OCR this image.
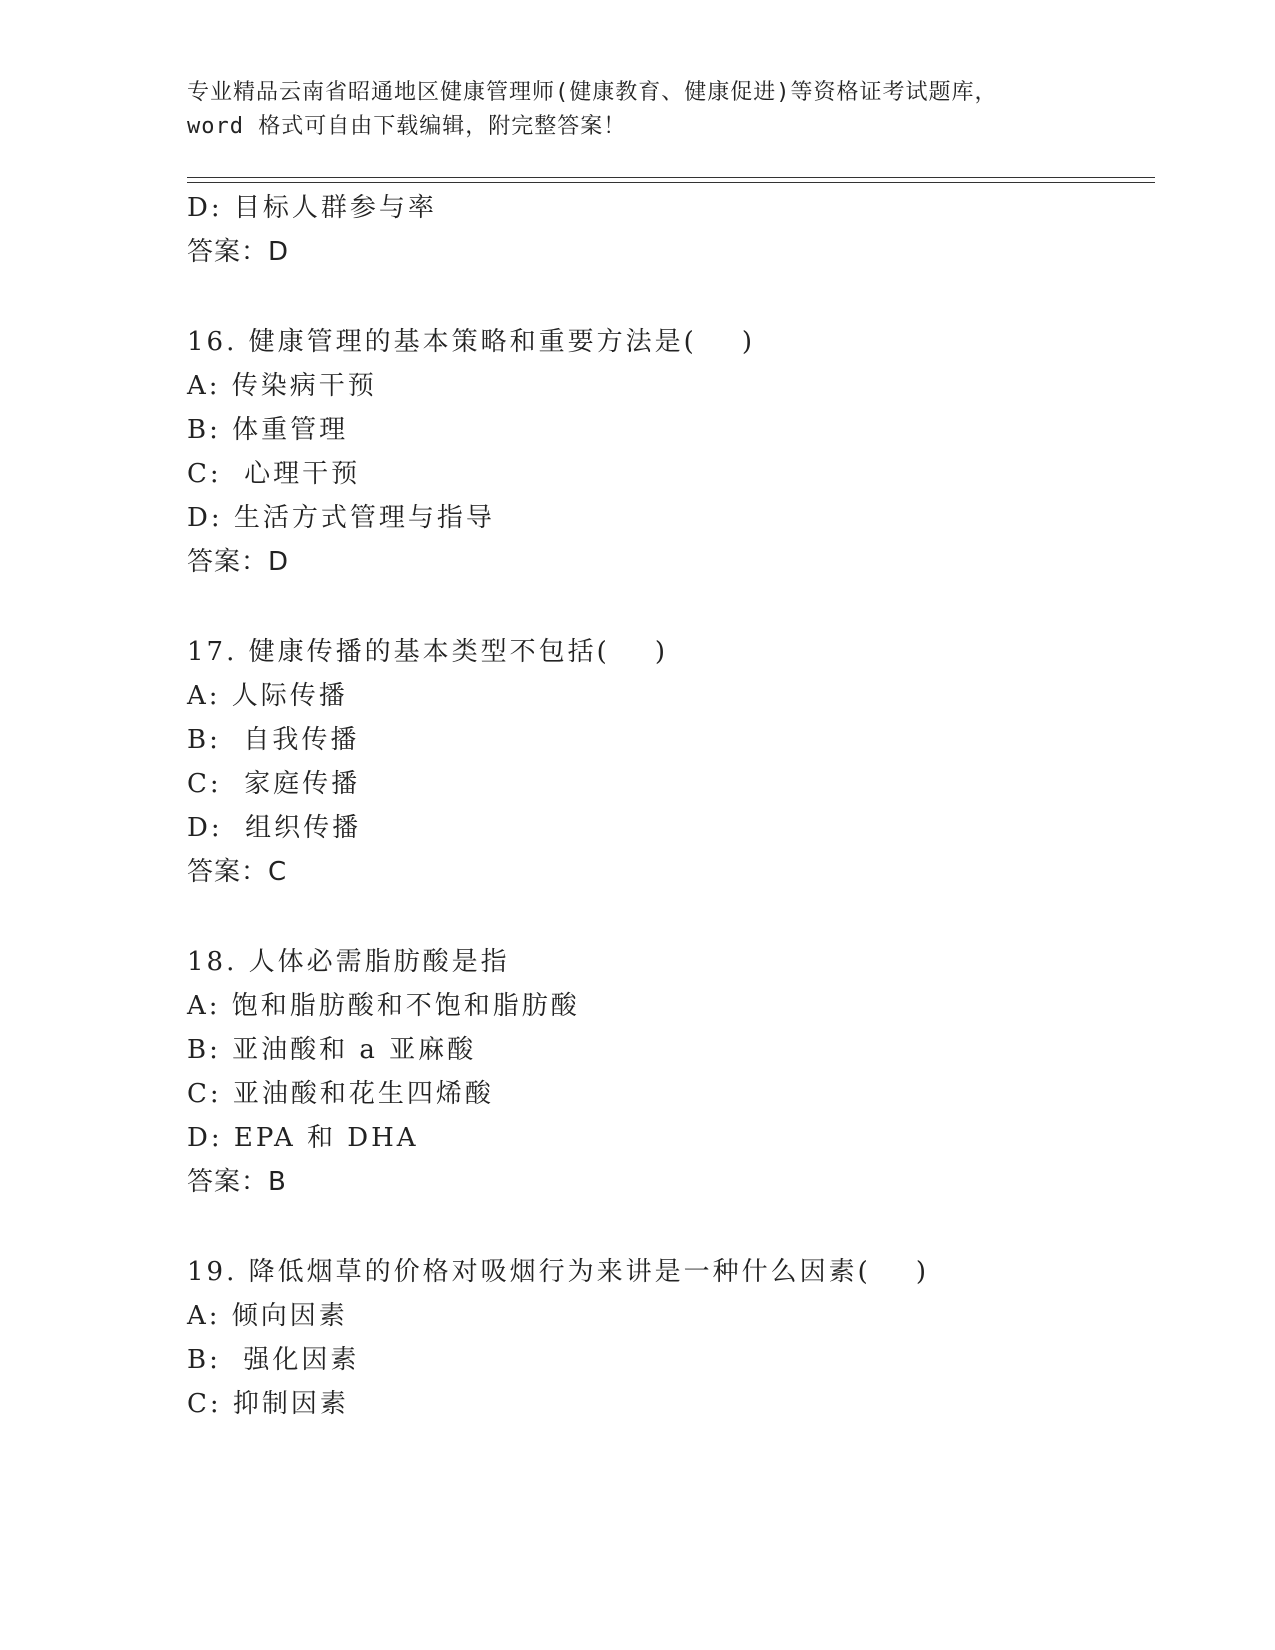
专业精品云南省昭通地区健康管理师(健康教育、健康促进)等资格证考试题库，
word 格式可自由下载编辑，附完整答案！
D: 目标人群参与率
答案：D
16. 健康管理的基本策略和重要方法是(    )
A: 传染病干预
B: 体重管理
C:  心理干预
D: 生活方式管理与指导
答案：D
17. 健康传播的基本类型不包括(    )
A: 人际传播
B:  自我传播
C:  家庭传播
D:  组织传播
答案：C
18. 人体必需脂肪酸是指
A: 饱和脂肪酸和不饱和脂肪酸
B: 亚油酸和 a 亚麻酸
C: 亚油酸和花生四烯酸
D: EPA 和 DHA
答案：B
19. 降低烟草的价格对吸烟行为来讲是一种什么因素(    )
A: 倾向因素
B:  强化因素
C: 抑制因素
